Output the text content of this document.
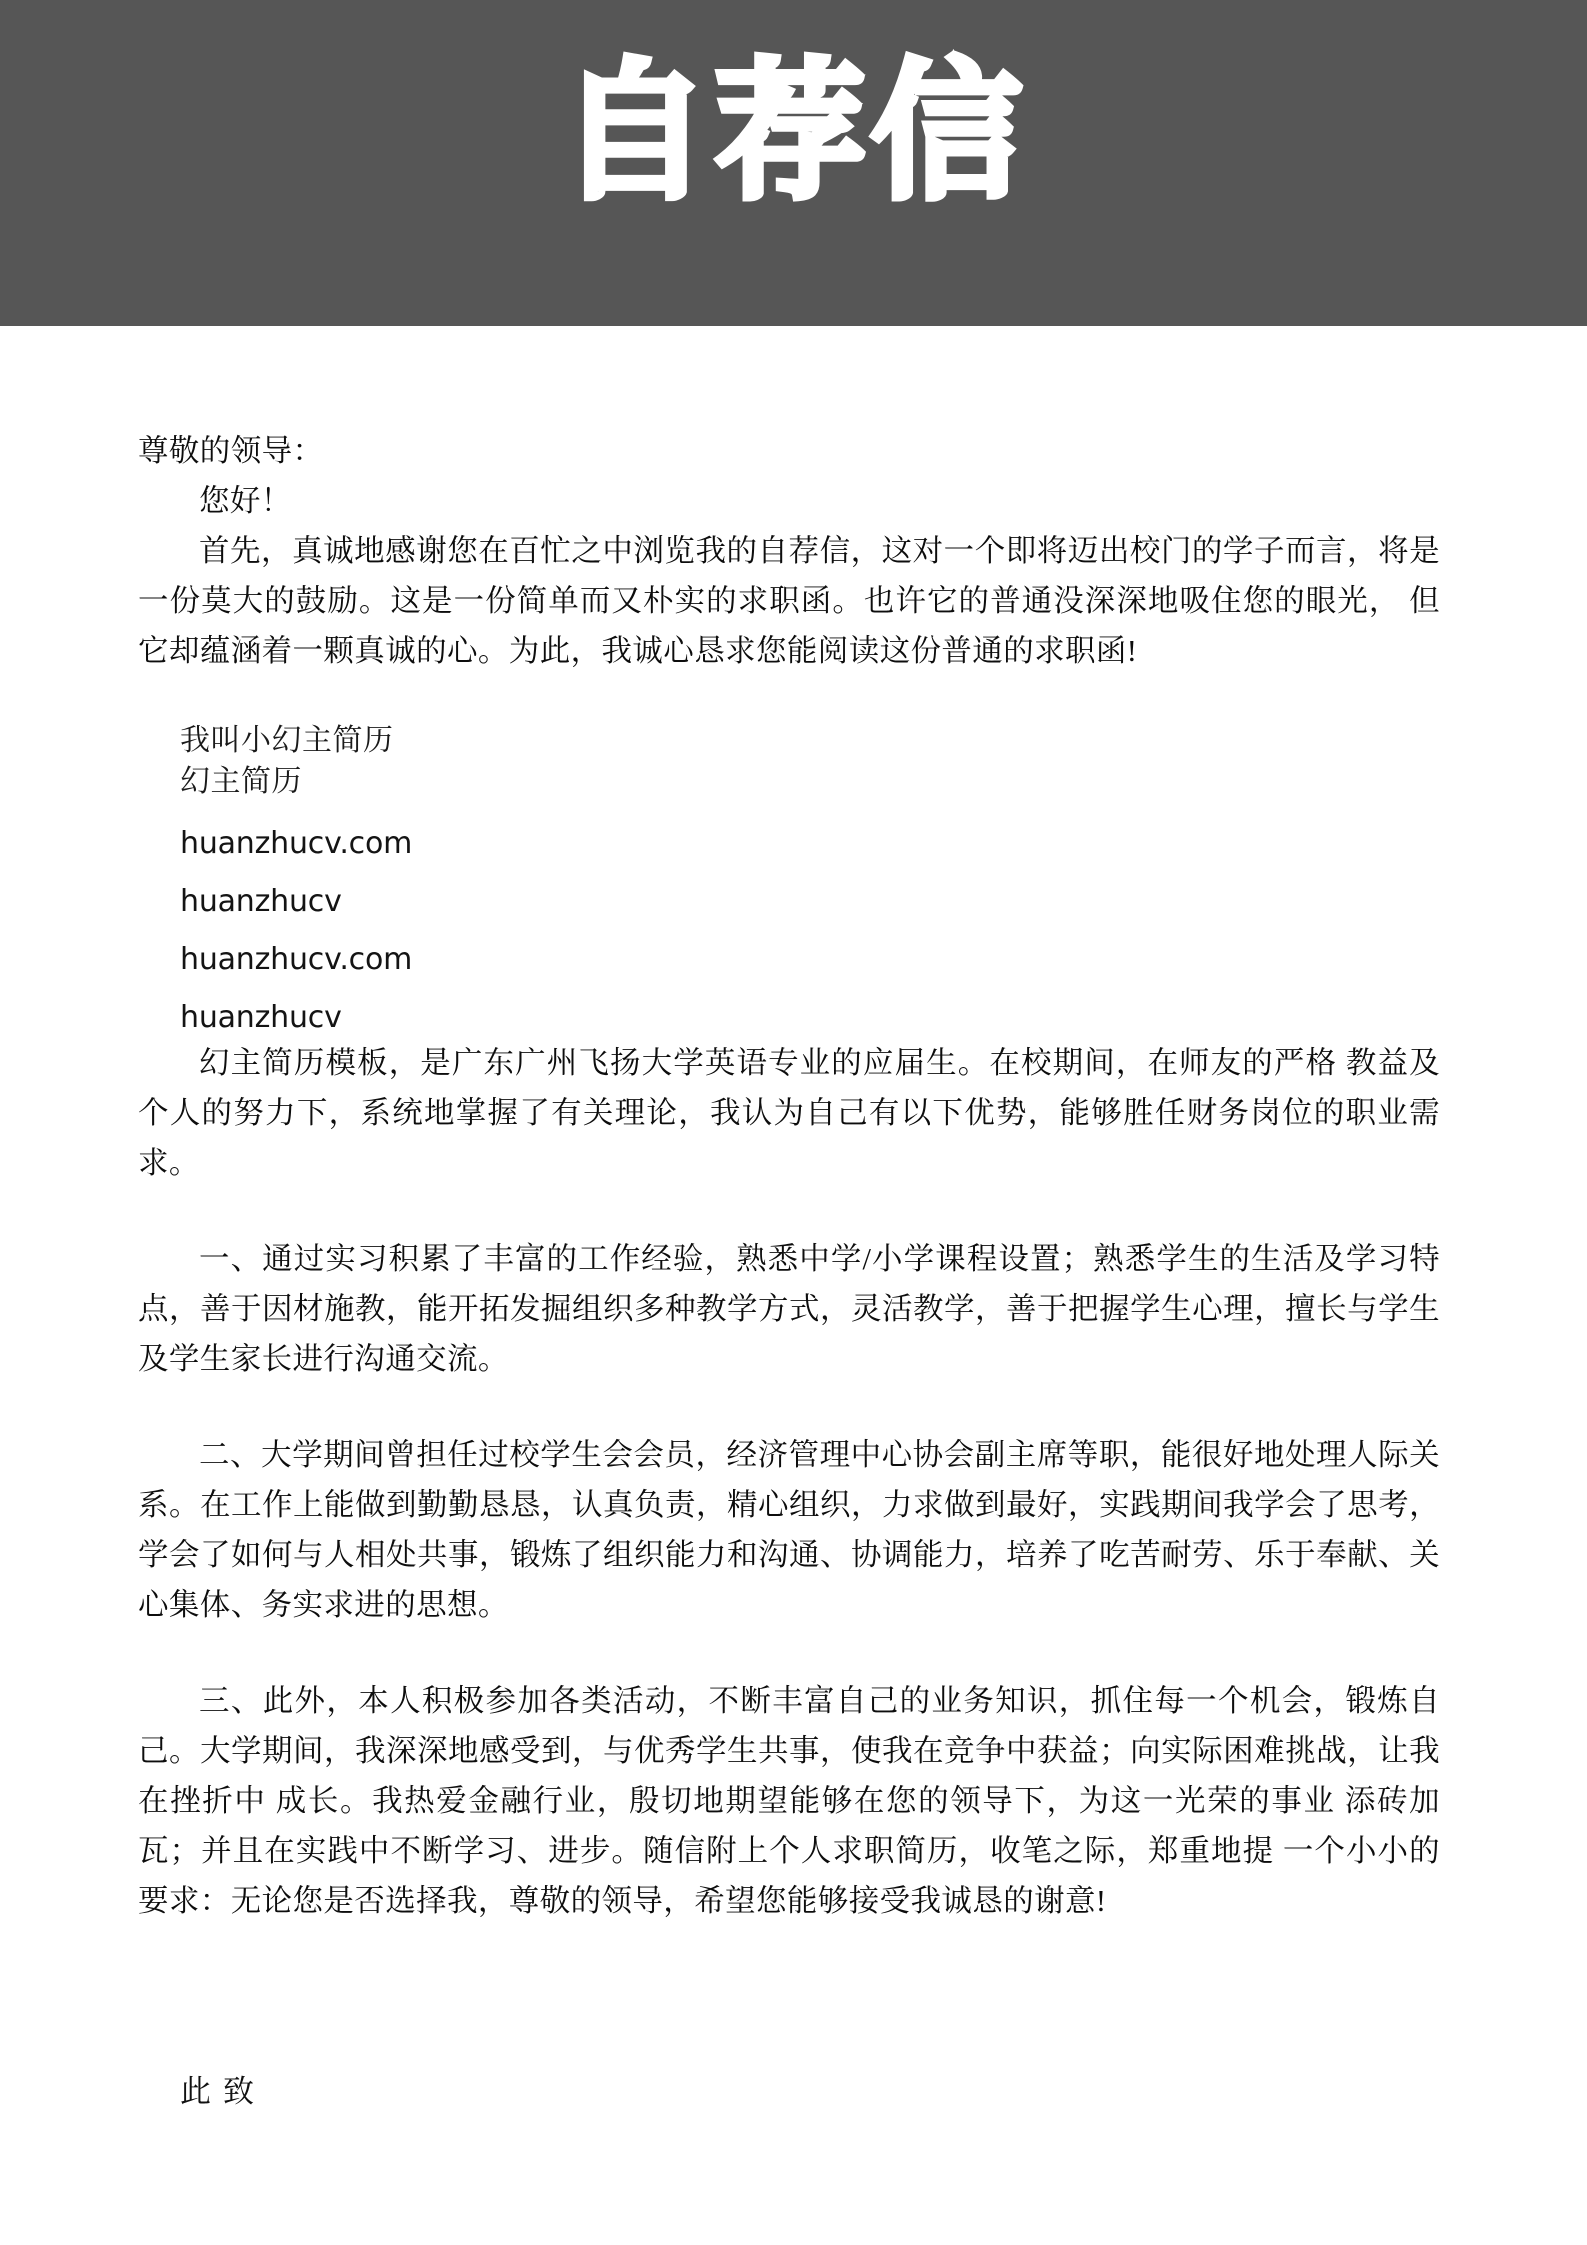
自荐信

尊敬的领导：

您好！

首先，真诚地感谢您在百忙之中浏览我的自荐信，这对一个即将迈出校门的学子而言，将是一份莫大的鼓励。这是一份简单而又朴实的求职函。也许它的普通没深深地吸住您的眼光， 但它却蕴涵着一颗真诚的心。为此，我诚心恳求您能阅读这份普通的求职函!

我叫小幻主简历
幻主简历
huanzhucv.com
huanzhucv
huanzhucv.com
huanzhucv

幻主简历模板，是广东广州飞扬大学英语专业的应届生。在校期间，在师友的严格 教益及个人的努力下，系统地掌握了有关理论，我认为自己有以下优势，能够胜任财务岗位的职业需求。

一、通过实习积累了丰富的工作经验，熟悉中学/小学课程设置；熟悉学生的生活及学习特点，善于因材施教，能开拓发掘组织多种教学方式，灵活教学，善于把握学生心理，擅长与学生及学生家长进行沟通交流。

二、大学期间曾担任过校学生会会员，经济管理中心协会副主席等职，能很好地处理人际关系。在工作上能做到勤勤恳恳，认真负责，精心组织，力求做到最好，实践期间我学会了思考，学会了如何与人相处共事，锻炼了组织能力和沟通、协调能力，培养了吃苦耐劳、乐于奉献、关心集体、务实求进的思想。

三、此外，本人积极参加各类活动，不断丰富自己的业务知识，抓住每一个机会，锻炼自己。大学期间，我深深地感受到，与优秀学生共事，使我在竞争中获益；向实际困难挑战，让我在挫折中 成长。我热爱金融行业，殷切地期望能够在您的领导下，为这一光荣的事业 添砖加瓦；并且在实践中不断学习、进步。随信附上个人求职简历，收笔之际，郑重地提 一个小小的要求：无论您是否选择我，尊敬的领导，希望您能够接受我诚恳的谢意!

此致
